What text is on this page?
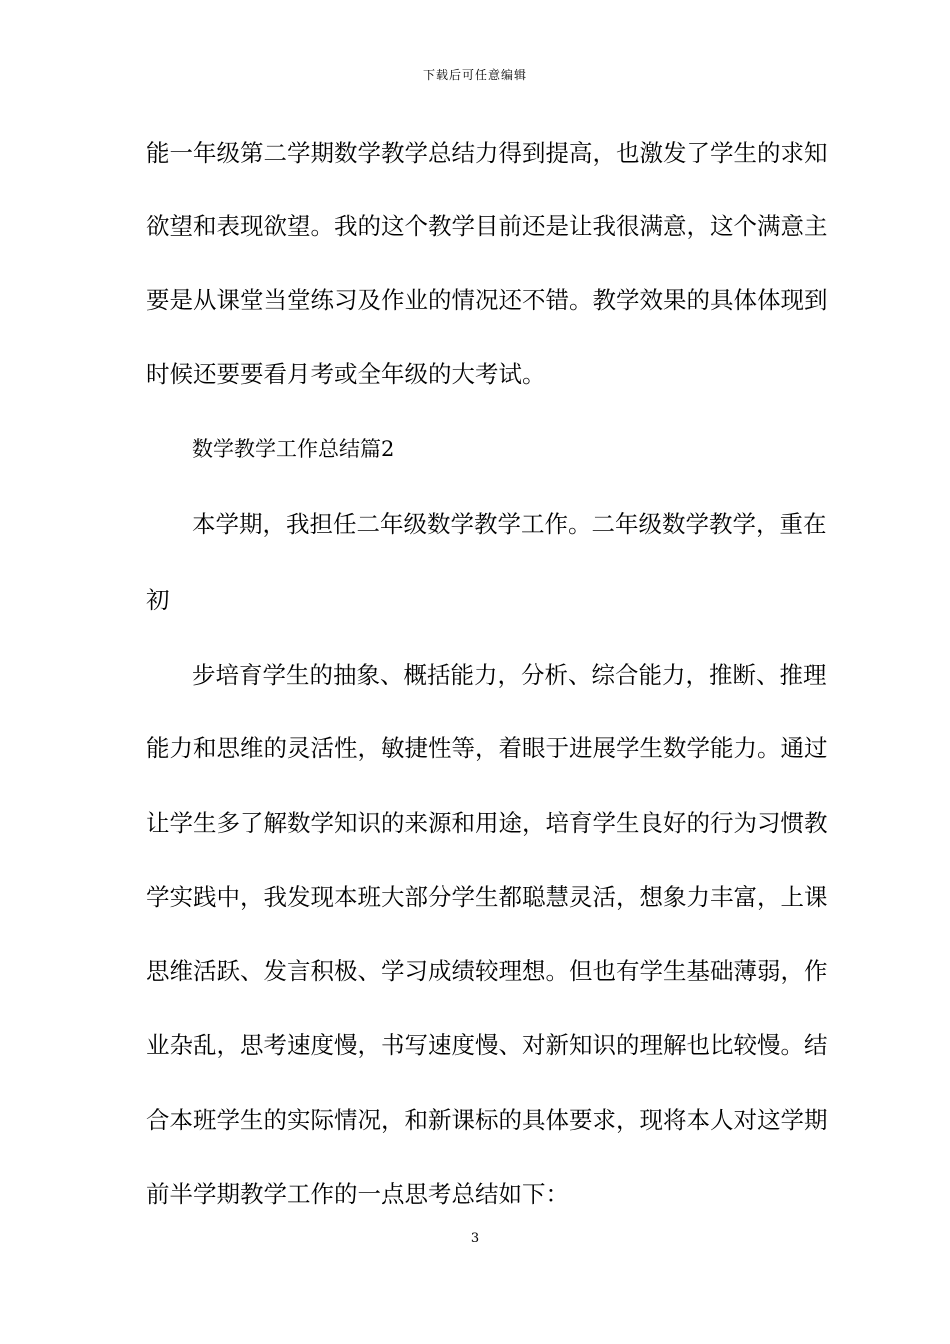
下载后可任意编辑
能一年级第二学期数学教学总结力得到提高，也激发了学生的求知
欲望和表现欲望。我的这个教学目前还是让我很满意，这个满意主
要是从课堂当堂练习及作业的情况还不错。教学效果的具体体现到
时候还要要看月考或全年级的大考试。
数学教学工作总结篇2
本学期，我担任二年级数学教学工作。二年级数学教学，重在
初
步培育学生的抽象、概括能力，分析、综合能力，推断、推理
能力和思维的灵活性，敏捷性等，着眼于进展学生数学能力。通过
让学生多了解数学知识的来源和用途，培育学生良好的行为习惯教
学实践中，我发现本班大部分学生都聪慧灵活，想象力丰富，上课
思维活跃、发言积极、学习成绩较理想。但也有学生基础薄弱，作
业杂乱，思考速度慢，书写速度慢、对新知识的理解也比较慢。结
合本班学生的实际情况，和新课标的具体要求，现将本人对这学期
前半学期教学工作的一点思考总结如下：
3
